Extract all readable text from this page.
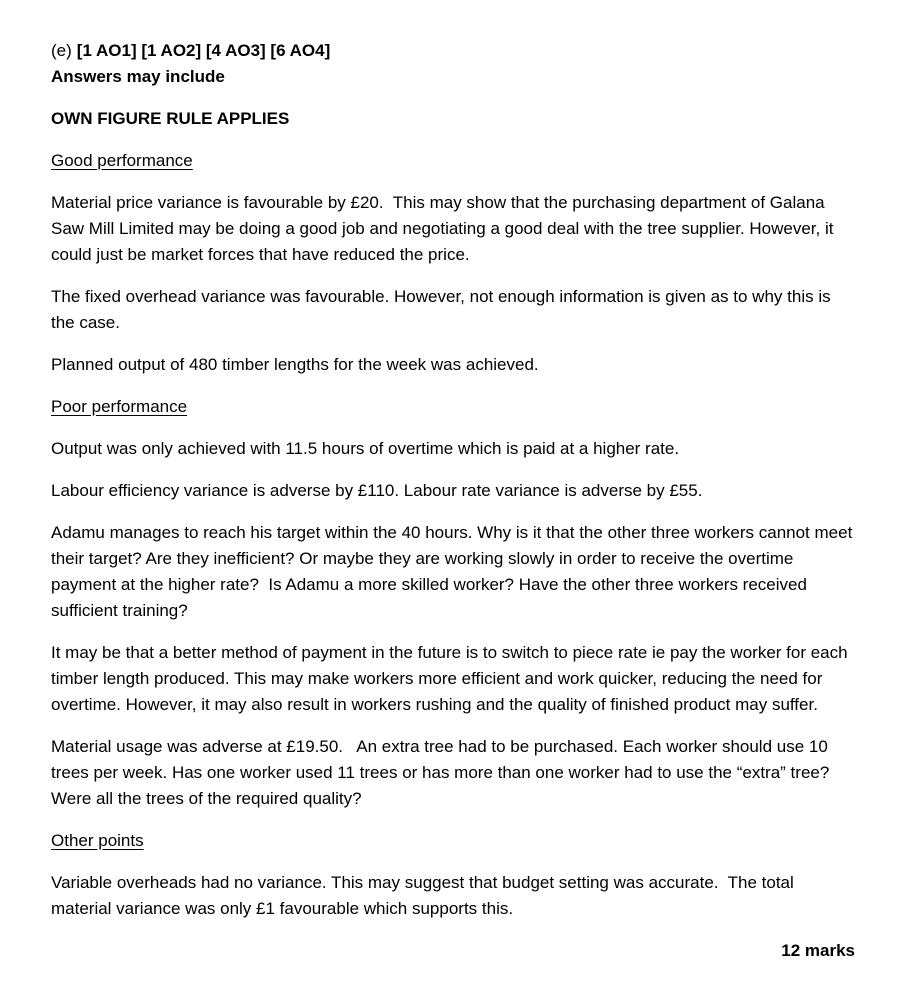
(e) [1 AO1] [1 AO2] [4 AO3] [6 AO4]
Answers may include

OWN FIGURE RULE APPLIES

Good performance

Material price variance is favourable by £20.  This may show that the purchasing department of Galana Saw Mill Limited may be doing a good job and negotiating a good deal with the tree supplier. However, it could just be market forces that have reduced the price.

The fixed overhead variance was favourable. However, not enough information is given as to why this is the case.

Planned output of 480 timber lengths for the week was achieved.

Poor performance

Output was only achieved with 11.5 hours of overtime which is paid at a higher rate.

Labour efficiency variance is adverse by £110. Labour rate variance is adverse by £55.

Adamu manages to reach his target within the 40 hours. Why is it that the other three workers cannot meet their target? Are they inefficient? Or maybe they are working slowly in order to receive the overtime payment at the higher rate?  Is Adamu a more skilled worker? Have the other three workers received sufficient training?

It may be that a better method of payment in the future is to switch to piece rate ie pay the worker for each timber length produced. This may make workers more efficient and work quicker, reducing the need for overtime. However, it may also result in workers rushing and the quality of finished product may suffer.

Material usage was adverse at £19.50.   An extra tree had to be purchased. Each worker should use 10 trees per week. Has one worker used 11 trees or has more than one worker had to use the “extra” tree?   Were all the trees of the required quality?

Other points

Variable overheads had no variance. This may suggest that budget setting was accurate.  The total material variance was only £1 favourable which supports this.

12 marks
